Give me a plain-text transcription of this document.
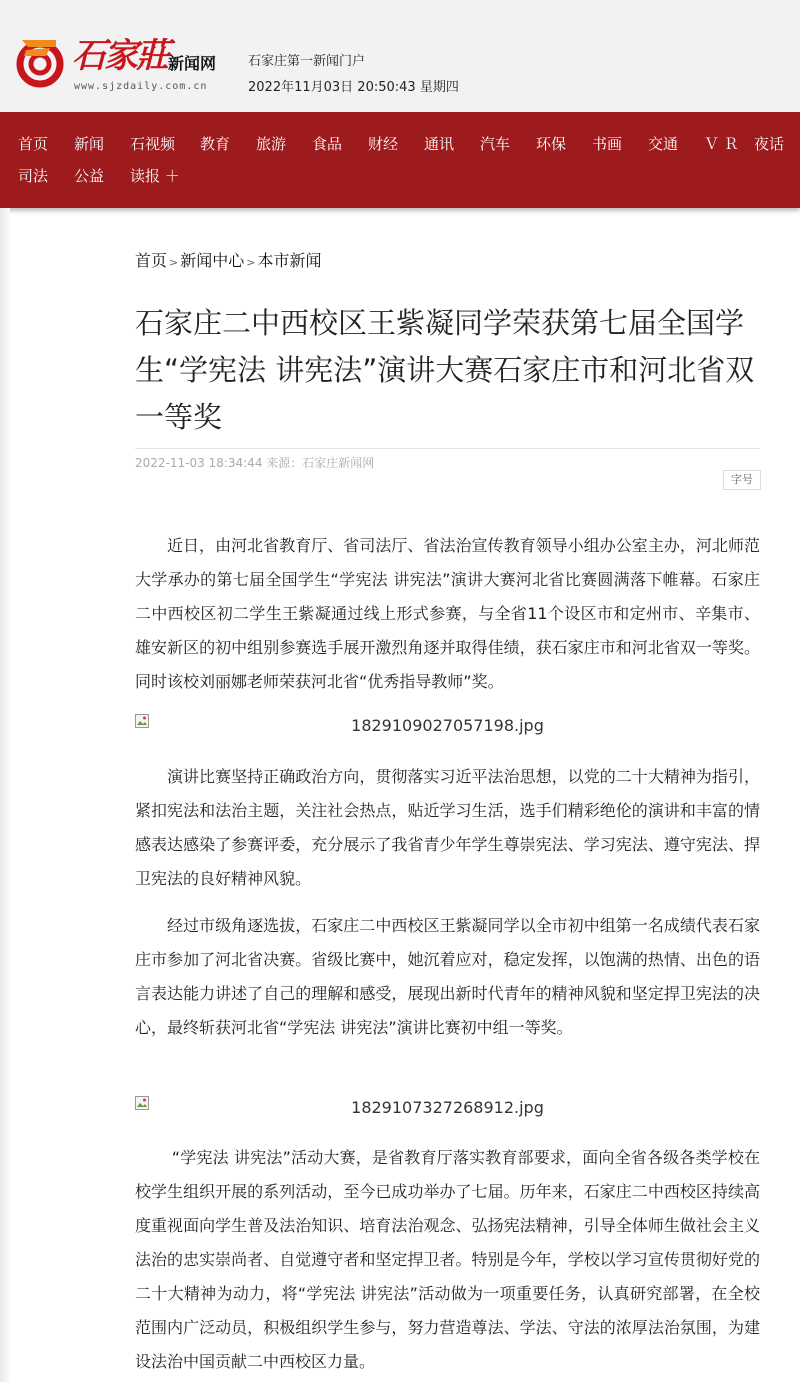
石家莊 新闻网
www.sjzdaily.com.cn
石家庄第一新闻门户
2022年11月03日 20:50:43 星期四
首页 新闻 石视频 教育 旅游 食品 财经 通讯 汽车 环保 书画 交通 Ｖ Ｒ 夜话
司法 公益 读报 ＋
首页 > 新闻中心 > 本市新闻
石家庄二中西校区王紫凝同学荣获第七届全国学生“学宪法 讲宪法”演讲大赛石家庄市和河北省双一等奖
2022-11-03 18:34:44 来源：石家庄新闻网
字号

近日，由河北省教育厅、省司法厅、省法治宣传教育领导小组办公室主办，河北师范大学承办的第七届全国学生“学宪法 讲宪法”演讲大赛河北省比赛圆满落下帷幕。石家庄二中西校区初二学生王紫凝通过线上形式参赛，与全省11个设区市和定州市、辛集市、雄安新区的初中组别参赛选手展开激烈角逐并取得佳绩，获石家庄市和河北省双一等奖。同时该校刘丽娜老师荣获河北省“优秀指导教师”奖。

1829109027057198.jpg

演讲比赛坚持正确政治方向，贯彻落实习近平法治思想，以党的二十大精神为指引，紧扣宪法和法治主题，关注社会热点，贴近学习生活，选手们精彩绝伦的演讲和丰富的情感表达感染了参赛评委，充分展示了我省青少年学生尊崇宪法、学习宪法、遵守宪法、捍卫宪法的良好精神风貌。

经过市级角逐选拔，石家庄二中西校区王紫凝同学以全市初中组第一名成绩代表石家庄市参加了河北省决赛。省级比赛中，她沉着应对，稳定发挥，以饱满的热情、出色的语言表达能力讲述了自己的理解和感受，展现出新时代青年的精神风貌和坚定捍卫宪法的决心，最终斩获河北省“学宪法 讲宪法”演讲比赛初中组一等奖。

1829107327268912.jpg

“学宪法 讲宪法”活动大赛，是省教育厅落实教育部要求，面向全省各级各类学校在校学生组织开展的系列活动，至今已成功举办了七届。历年来，石家庄二中西校区持续高度重视面向学生普及法治知识、培育法治观念、弘扬宪法精神，引导全体师生做社会主义法治的忠实崇尚者、自觉遵守者和坚定捍卫者。特别是今年，学校以学习宣传贯彻好党的二十大精神为动力，将“学宪法 讲宪法”活动做为一项重要任务，认真研究部署，在全校范围内广泛动员，积极组织学生参与，努力营造尊法、学法、守法的浓厚法治氛围，为建设法治中国贡献二中西校区力量。
